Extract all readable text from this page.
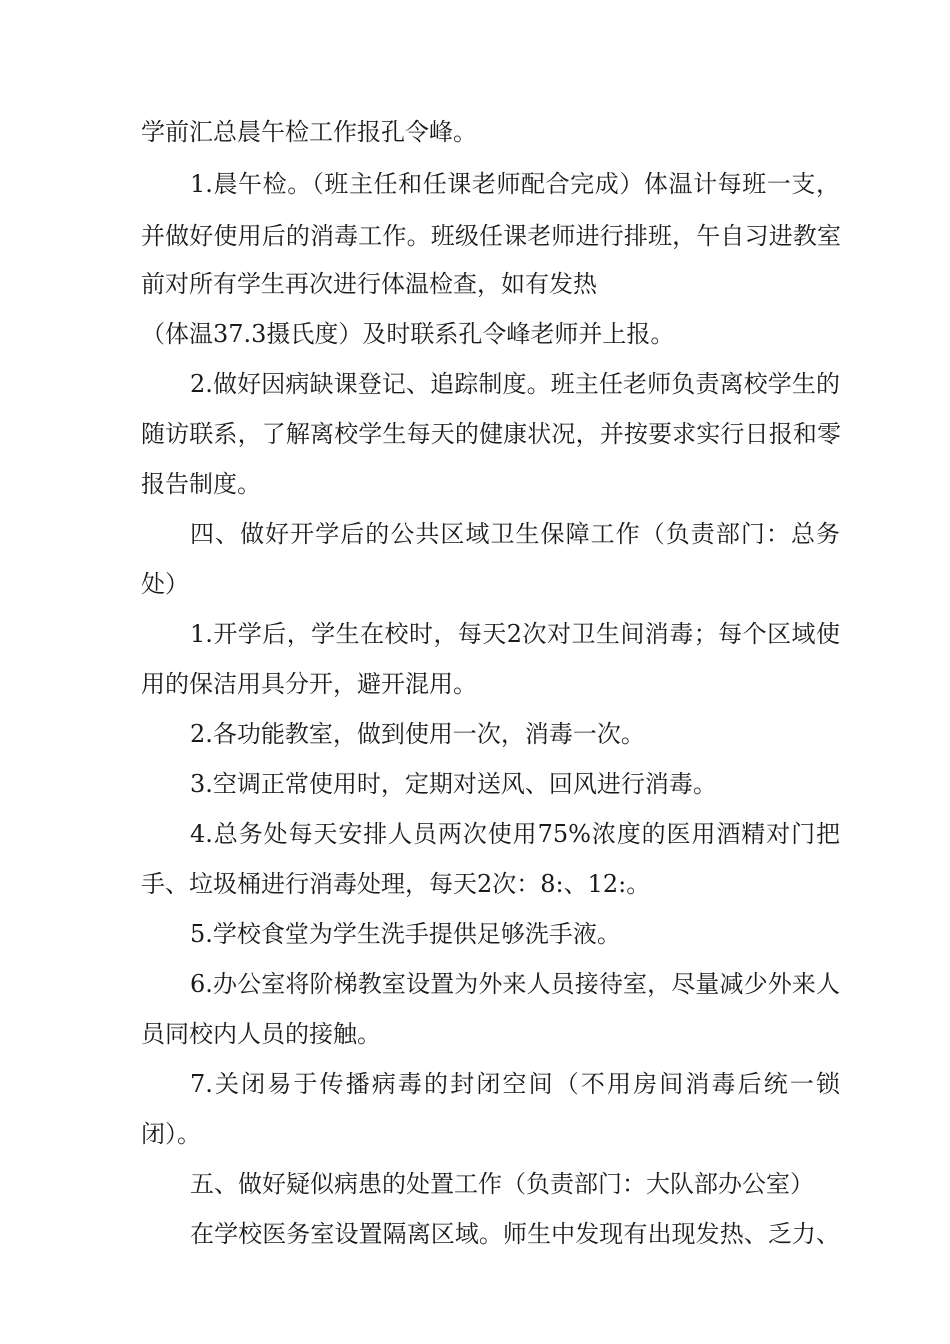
学前汇总晨午检工作报孔令峰。
1.晨午检。（班主任和任课老师配合完成）体温计每班一支，
并做好使用后的消毒工作。班级任课老师进行排班，午自习进教室
前对所有学生再次进行体温检查，如有发热
（体温37.3摄氏度）及时联系孔令峰老师并上报。
2.做好因病缺课登记、追踪制度。班主任老师负责离校学生的
随访联系，了解离校学生每天的健康状况，并按要求实行日报和零
报告制度。
四、做好开学后的公共区域卫生保障工作（负责部门：总务
处）
1.开学后，学生在校时，每天2次对卫生间消毒；每个区域使
用的保洁用具分开，避开混用。
2.各功能教室，做到使用一次，消毒一次。
3.空调正常使用时，定期对送风、回风进行消毒。
4.总务处每天安排人员两次使用75%浓度的医用酒精对门把
手、垃圾桶进行消毒处理，每天2次：8:、12:。
5.学校食堂为学生洗手提供足够洗手液。
6.办公室将阶梯教室设置为外来人员接待室，尽量减少外来人
员同校内人员的接触。
7.关闭易于传播病毒的封闭空间（不用房间消毒后统一锁
闭）。
五、做好疑似病患的处置工作（负责部门：大队部办公室）
在学校医务室设置隔离区域。师生中发现有出现发热、乏力、
